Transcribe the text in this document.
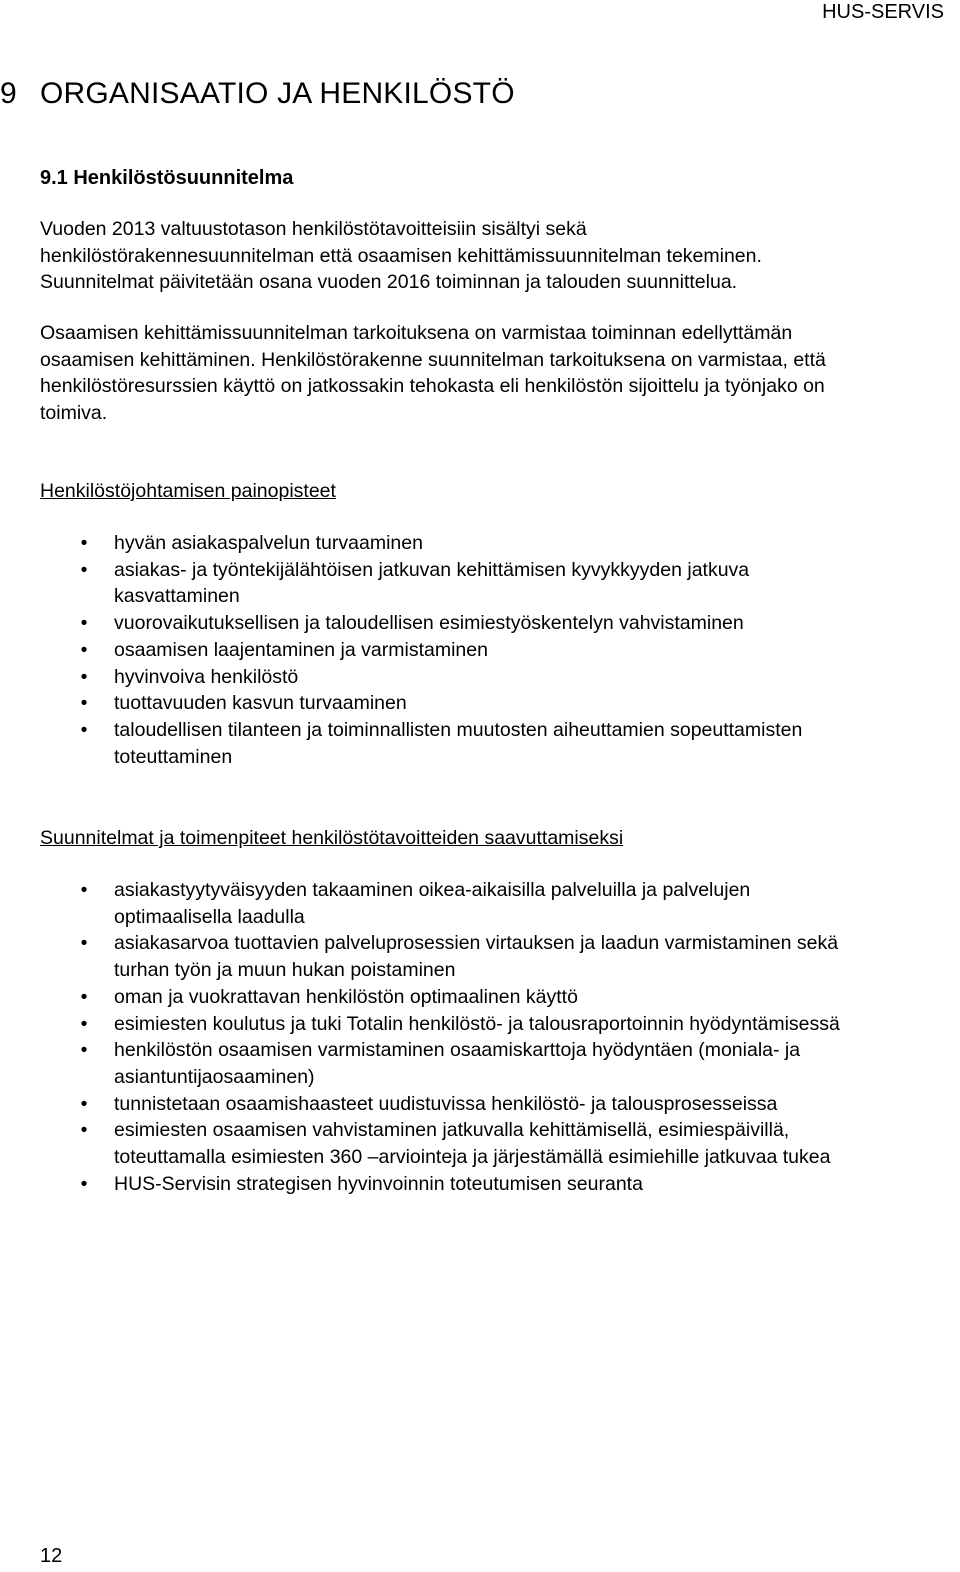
HUS-SERVIS
9 ORGANISAATIO JA HENKILÖSTÖ
9.1 Henkilöstösuunnitelma

Vuoden 2013 valtuustotason henkilöstötavoitteisiin sisältyi sekä

henkilöstörakennesuunnitelman että osaamisen kehittämissuunnitelman tekeminen.

Suunnitelmat päivitetään osana vuoden 2016 toiminnan ja talouden suunnittelua.

Osaamisen kehittämissuunnitelman tarkoituksena on varmistaa toiminnan edellyttämän

osaamisen kehittäminen. Henkilöstörakenne suunnitelman tarkoituksena on varmistaa, että

henkilöstöresurssien käyttö on jatkossakin tehokasta eli henkilöstön sijoittelu ja työnjako on

toimiva.

Henkilöstöjohtamisen painopisteet
• hyvän asiakaspalvelun turvaaminen
• asiakas- ja työntekijälähtöisen jatkuvan kehittämisen kyvykkyyden jatkuva
kasvattaminen
• vuorovaikutuksellisen ja taloudellisen esimiestyöskentelyn vahvistaminen
• osaamisen laajentaminen ja varmistaminen
• hyvinvoiva henkilöstö
• tuottavuuden kasvun turvaaminen
• taloudellisen tilanteen ja toiminnallisten muutosten aiheuttamien sopeuttamisten
toteuttaminen
Suunnitelmat ja toimenpiteet henkilöstötavoitteiden saavuttamiseksi
• asiakastyytyväisyyden takaaminen oikea-aikaisilla palveluilla ja palvelujen
optimaalisella laadulla
• asiakasarvoa tuottavien palveluprosessien virtauksen ja laadun varmistaminen sekä
turhan työn ja muun hukan poistaminen
• oman ja vuokrattavan henkilöstön optimaalinen käyttö
• esimiesten koulutus ja tuki Totalin henkilöstö- ja talousraportoinnin hyödyntämisessä
• henkilöstön osaamisen varmistaminen osaamiskarttoja hyödyntäen (moniala- ja
asiantuntijaosaaminen)
• tunnistetaan osaamishaasteet uudistuvissa henkilöstö- ja talousprosesseissa
• esimiesten osaamisen vahvistaminen jatkuvalla kehittämisellä, esimiespäivillä,
toteuttamalla esimiesten 360 –arviointeja ja järjestämällä esimiehille jatkuvaa tukea
• HUS-Servisin strategisen hyvinvoinnin toteutumisen seuranta
12
